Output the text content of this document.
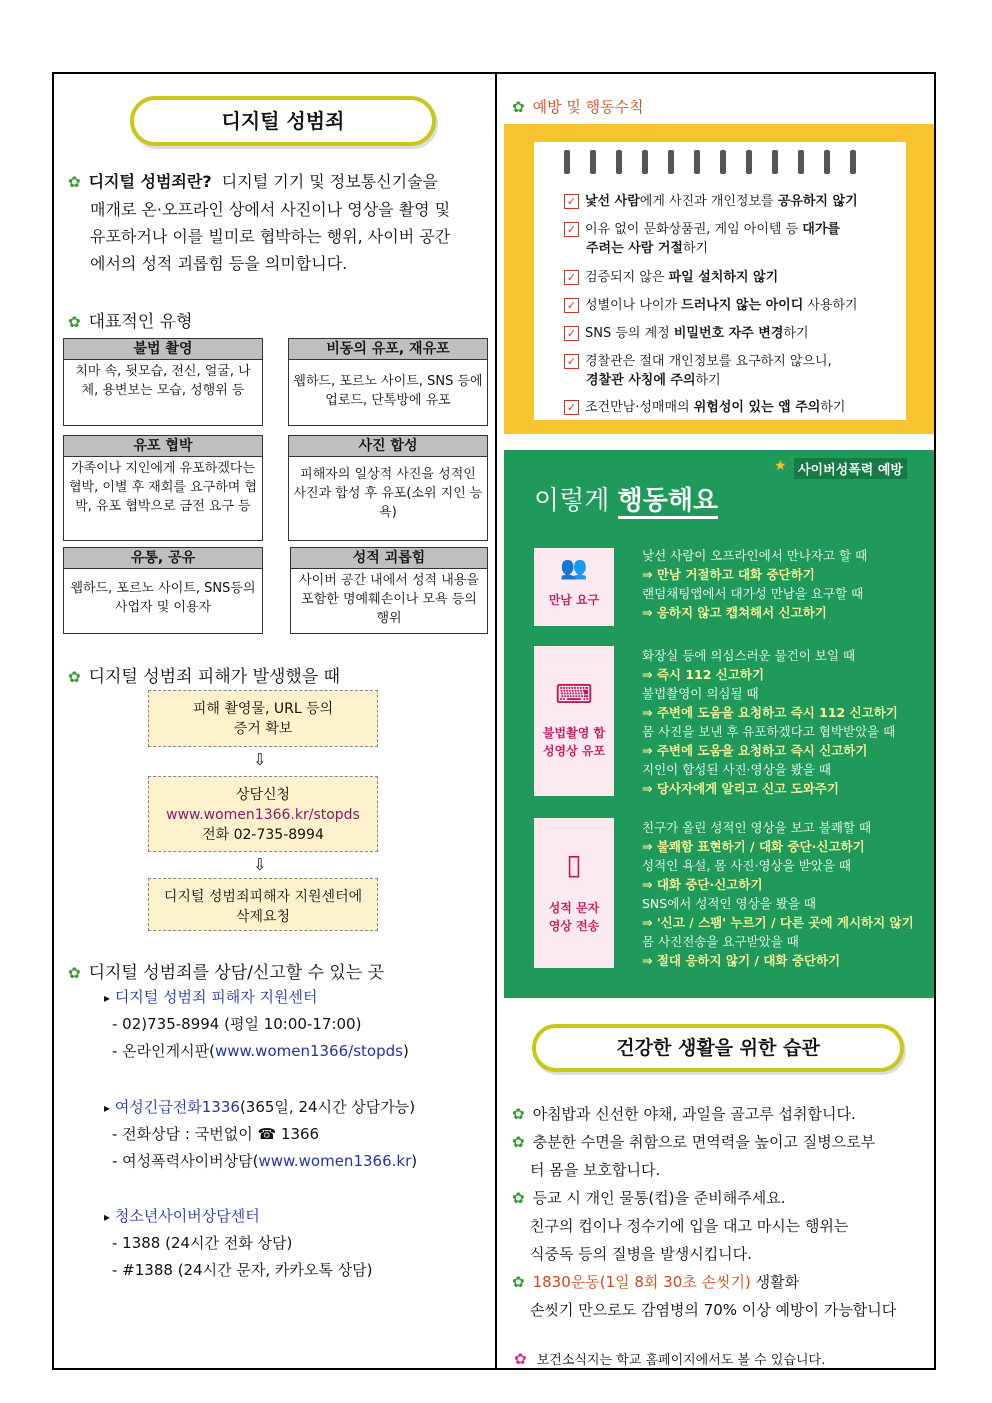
디지털 성범죄
✿ 디지털 성범죄란? 디지털 기기 및 정보통신기술을
매개로 온·오프라인 상에서 사진이나 영상을 촬영 및
유포하거나 이를 빌미로 협박하는 행위, 사이버 공간
에서의 성적 괴롭힘 등을 의미합니다.
✿ 대표적인 유형
불법 촬영
치마 속, 뒷모습, 전신, 얼굴, 나체, 용변보는 모습, 성행위 등
비동의 유포, 재유포
웹하드, 포르노 사이트, SNS 등에 업로드, 단톡방에 유포
유포 협박
가족이나 지인에게 유포하겠다는 협박, 이별 후 재회를 요구하며 협박, 유포 협박으로 금전 요구 등
사진 합성
피해자의 일상적 사진을 성적인 사진과 합성 후 유포(소위 지인 능욕)
유통, 공유
웹하드, 포르노 사이트, SNS등의 사업자 및 이용자
성적 괴롭힘
사이버 공간 내에서 성적 내용을 포함한 명예훼손이나 모욕 등의 행위
✿ 디지털 성범죄 피해가 발생했을 때
피해 촬영물, URL 등의
증거 확보
⇩
상담신청
www.women1366.kr/stopds
전화 02-735-8994
⇩
디지털 성범죄피해자 지원센터에
삭제요청
✿ 디지털 성범죄를 상담/신고할 수 있는 곳
▸ 디지털 성범죄 피해자 지원센터
- 02)735-8994 (평일 10:00-17:00)
- 온라인게시판(www.women1366/stopds)
▸ 여성긴급전화1336(365일, 24시간 상담가능)
- 전화상담 : 국번없이 ☎ 1366
- 여성폭력사이버상담(www.women1366.kr)
▸ 청소년사이버상담센터
- 1388 (24시간 전화 상담)
- #1388 (24시간 문자, 카카오톡 상담)
✿ 예방 및 행동수칙
✓ 낯선 사람에게 사진과 개인정보를 공유하지 않기
✓ 이유 없이 문화상품권, 게임 아이템 등 대가를
주려는 사람 거절하기
✓ 검증되지 않은 파일 설치하지 않기
✓ 성별이나 나이가 드러나지 않는 아이디 사용하기
✓ SNS 등의 계정 비밀번호 자주 변경하기
✓ 경찰관은 절대 개인정보를 요구하지 않으니,
경찰관 사칭에 주의하기
✓ 조건만남·성매매의 위험성이 있는 앱 주의하기
★ 사이버성폭력 예방
이렇게 행동해요
👥
만남 요구
낯선 사람이 오프라인에서 만나자고 할 때
⇒ 만남 거절하고 대화 중단하기
랜덤채팅앱에서 대가성 만남을 요구할 때
⇒ 응하지 않고 캡쳐해서 신고하기
⌨
불법촬영 합성영상 유포
화장실 등에 의심스러운 물건이 보일 때
⇒ 즉시 112 신고하기
불법촬영이 의심될 때
⇒ 주변에 도움을 요청하고 즉시 112 신고하기
몸 사진을 보낸 후 유포하겠다고 협박받았을 때
⇒ 주변에 도움을 요청하고 즉시 신고하기
지인이 합성된 사진·영상을 봤을 때
⇒ 당사자에게 알리고 신고 도와주기
▯
성적 문자 영상 전송
친구가 올린 성적인 영상을 보고 불쾌할 때
⇒ 불쾌함 표현하기 / 대화 중단·신고하기
성적인 욕설, 몸 사진·영상을 받았을 때
⇒ 대화 중단·신고하기
SNS에서 성적인 영상을 봤을 때
⇒ '신고 / 스팸' 누르기 / 다른 곳에 게시하지 않기
몸 사진전송을 요구받았을 때
⇒ 절대 응하지 않기 / 대화 중단하기
건강한 생활을 위한 습관
✿ 아침밥과 신선한 야채, 과일을 골고루 섭취합니다.
✿ 충분한 수면을 취함으로 면역력을 높이고 질병으로부
터 몸을 보호합니다.
✿ 등교 시 개인 물통(컵)을 준비해주세요.
친구의 컵이나 정수기에 입을 대고 마시는 행위는
식중독 등의 질병을 발생시킵니다.
✿ 1830운동(1일 8회 30초 손씻기) 생활화
손씻기 만으로도 감염병의 70% 이상 예방이 가능합니다
✿ 보건소식지는 학교 홈페이지에서도 볼 수 있습니다.
